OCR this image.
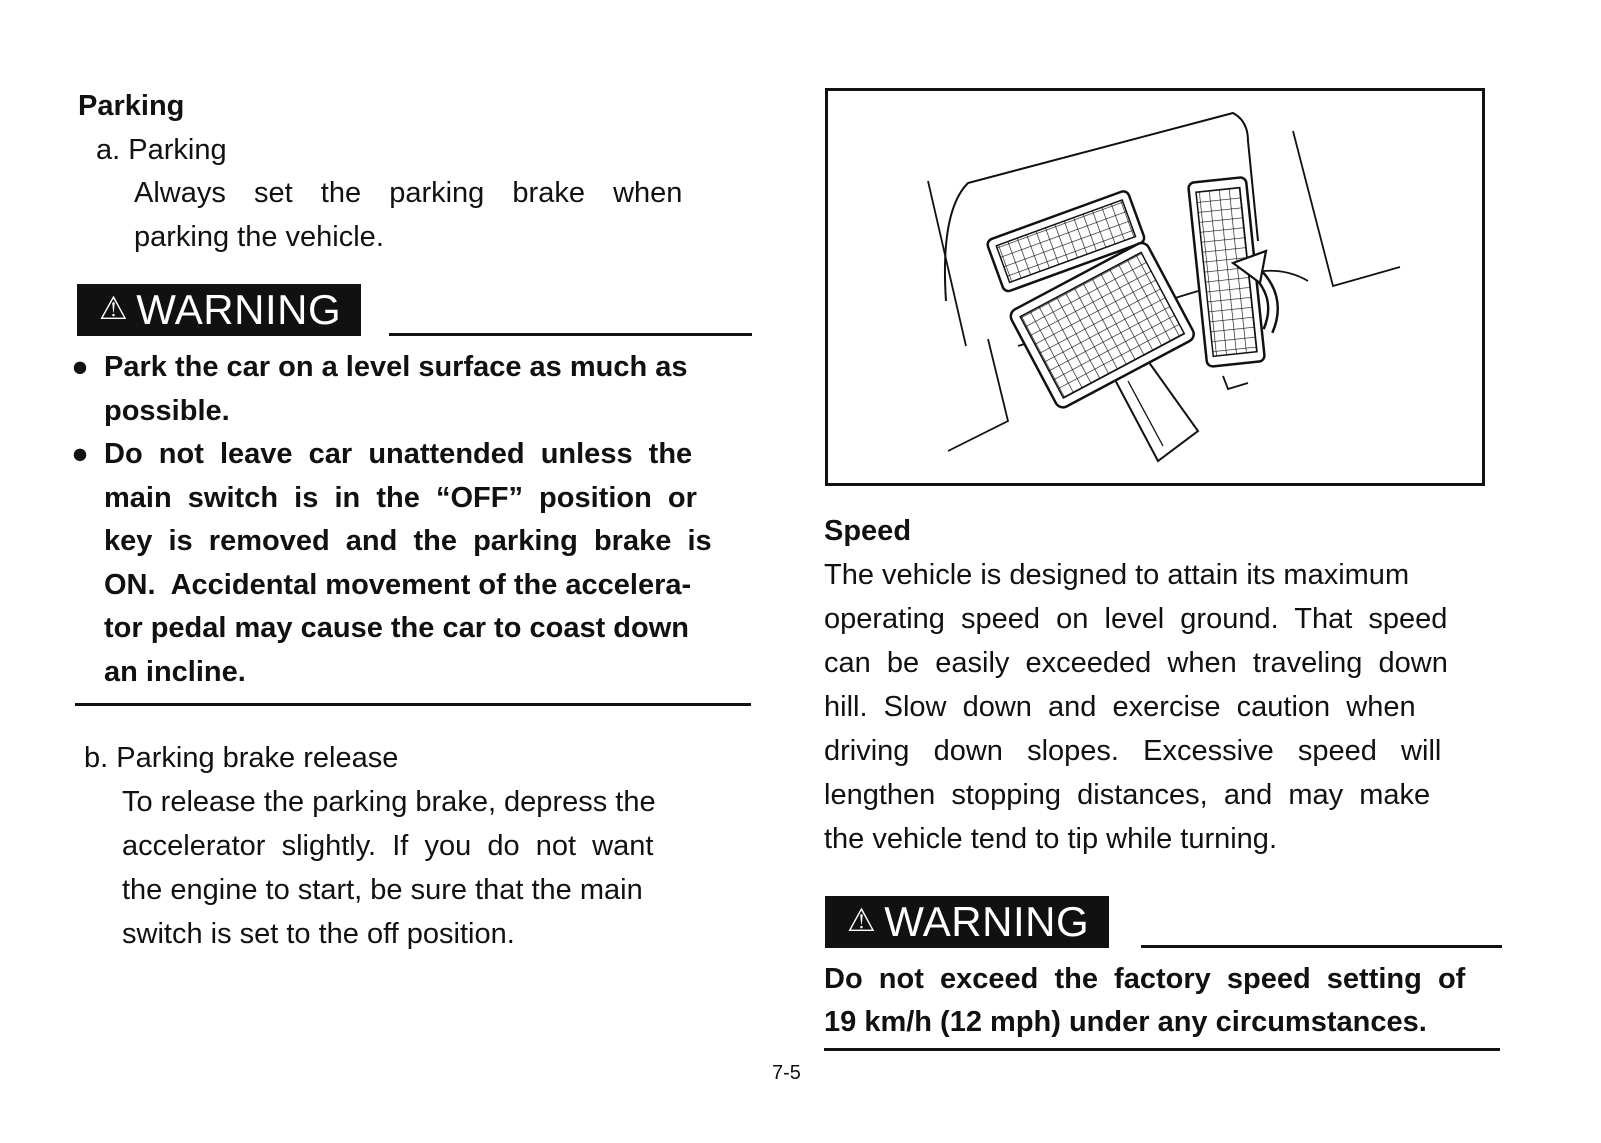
Parking
a. Parking
Always  set  the  parking  brake  when
parking the vehicle.
⚠ WARNING
● Park the car on a level surface as much as
possible.
● Do  not  leave  car  unattended  unless  the
main  switch  is  in  the  “OFF”  position  or
key  is  removed  and  the  parking  brake  is
ON.  Accidental movement of the accelera-
tor pedal may cause the car to coast down
an incline.
b. Parking brake release
To release the parking brake, depress the
accelerator  slightly.  If  you  do  not  want
the engine to start, be sure that the main
switch is set to the off position.
Speed
The vehicle is designed to attain its maximum
operating  speed  on  level  ground.  That  speed
can  be  easily  exceeded  when  traveling  down
hill.  Slow  down  and  exercise  caution  when
driving   down   slopes.   Excessive   speed   will
lengthen  stopping  distances,  and  may  make
the vehicle tend to tip while turning.
⚠ WARNING
Do  not  exceed  the  factory  speed  setting  of
19 km/h (12 mph) under any circumstances.
7-5
